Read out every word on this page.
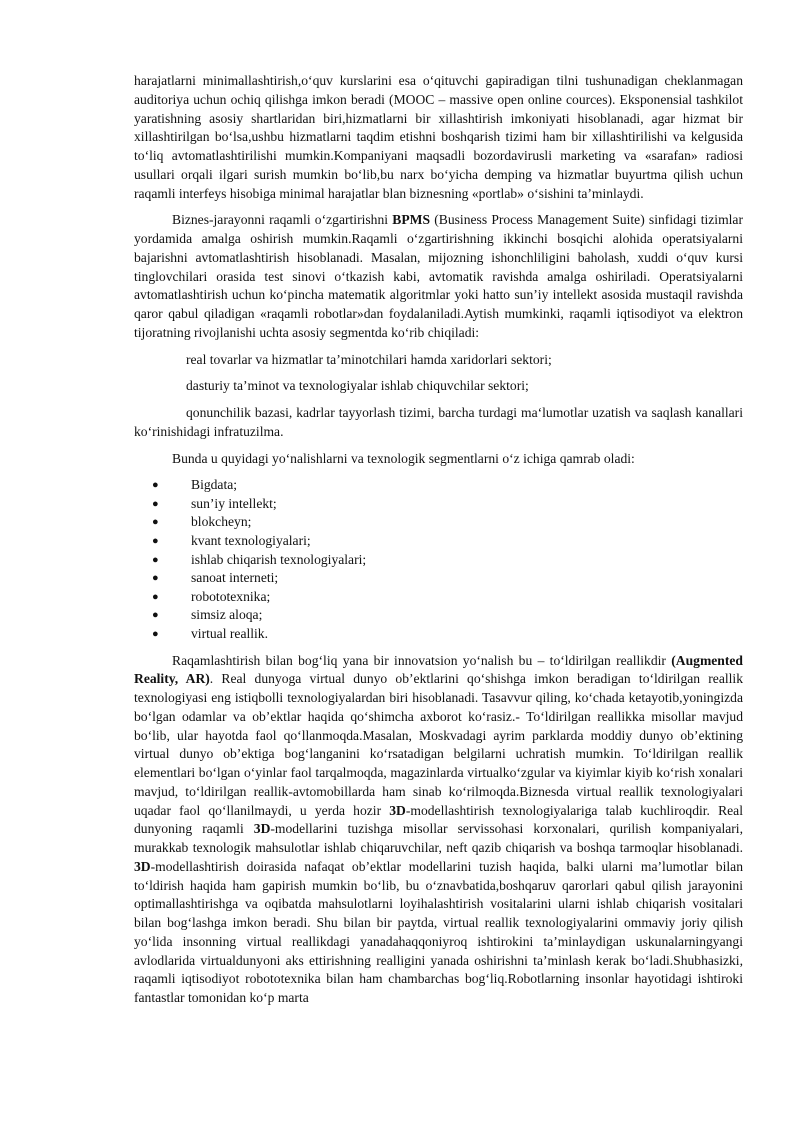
harajatlarni minimallashtirish,o‘quv kurslarini esa o‘qituvchi gapiradigan tilni tushunadigan cheklanmagan auditoriya uchun ochiq qilishga imkon beradi (MOOC – massive open online cources). Eksponensial tashkilot yaratishning asosiy shartlaridan biri,hizmatlarni bir xillashtirish imkoniyati hisoblanadi, agar hizmat bir xillashtirilgan bo‘lsa,ushbu hizmatlarni taqdim etishni boshqarish tizimi ham bir xillashtirilishi va kelgusida to‘liq avtomatlashtirilishi mumkin.Kompaniyani maqsadli bozordavirusli marketing va «sarafan» radiosi usullari orqali ilgari surish mumkin bo‘lib,bu narx bo‘yicha demping va hizmatlar buyurtma qilish uchun raqamli interfeys hisobiga minimal harajatlar blan biznesning «portlab» o‘sishini ta’minlaydi.

Biznes-jarayonni raqamli o‘zgartirishni BPMS (Business Process Management Suite) sinfidagi tizimlar yordamida amalga oshirish mumkin.Raqamli o‘zgartirishning ikkinchi bosqichi alohida operatsiyalarni bajarishni avtomatlashtirish hisoblanadi. Masalan, mijozning ishonchliligini baholash, xuddi o‘quv kursi tinglovchilari orasida test sinovi o‘tkazish kabi, avtomatik ravishda amalga oshiriladi. Operatsiyalarni avtomatlashtirish uchun ko‘pincha matematik algoritmlar yoki hatto sun’iy intellekt asosida mustaqil ravishda qaror qabul qiladigan «raqamli robotlar»dan foydalaniladi.Aytish mumkinki, raqamli iqtisodiyot va elektron tijoratning rivojlanishi uchta asosiy segmentda ko‘rib chiqiladi:

real tovarlar va hizmatlar ta’minotchilari hamda xaridorlari sektori;

dasturiy ta’minot va texnologiyalar ishlab chiquvchilar sektori;

qonunchilik bazasi, kadrlar tayyorlash tizimi, barcha turdagi maʻlumotlar uzatish va saqlash kanallari ko‘rinishidagi infratuzilma.

Bunda u quyidagi yo‘nalishlarni va texnologik segmentlarni o‘z ichiga qamrab oladi:

● Bigdata;
● sun’iy intellekt;
● blokcheyn;
● kvant texnologiyalari;
● ishlab chiqarish texnologiyalari;
● sanoat interneti;
● robototexnika;
● simsiz aloqa;
● virtual reallik.

Raqamlashtirish bilan bog‘liq yana bir innovatsion yo‘nalish bu – to‘ldirilgan reallikdir (Augmented Reality, AR). Real dunyoga virtual dunyo ob’ektlarini qo‘shishga imkon beradigan to‘ldirilgan reallik texnologiyasi eng istiqbolli texnologiyalardan biri hisoblanadi. Tasavvur qiling, ko‘chada ketayotib,yoningizda bo‘lgan odamlar va ob’ektlar haqida qo‘shimcha axborot ko‘rasiz.- To‘ldirilgan reallikka misollar mavjud bo‘lib, ular hayotda faol qo‘llanmoqda.Masalan, Moskvadagi ayrim parklarda moddiy dunyo ob’ektining virtual dunyo ob’ektiga bog‘langanini ko‘rsatadigan belgilarni uchratish mumkin. To‘ldirilgan reallik elementlari bo‘lgan o‘yinlar faol tarqalmoqda, magazinlarda virtualko‘zgular va kiyimlar kiyib ko‘rish xonalari mavjud, to‘ldirilgan reallik-avtomobillarda ham sinab ko‘rilmoqda.Biznesda virtual reallik texnologiyalari uqadar faol qo‘llanilmaydi, u yerda hozir 3D-modellashtirish texnologiyalariga talab kuchliroqdir. Real dunyoning raqamli 3D-modellarini tuzishga misollar servissohasi korxonalari, qurilish kompaniyalari, murakkab texnologik mahsulotlar ishlab chiqaruvchilar, neft qazib chiqarish va boshqa tarmoqlar hisoblanadi. 3D-modellashtirish doirasida nafaqat ob’ektlar modellarini tuzish haqida, balki ularni ma’lumotlar bilan to‘ldirish haqida ham gapirish mumkin bo‘lib, bu o‘znavbatida,boshqaruv qarorlari qabul qilish jarayonini optimallashtirishga va oqibatda mahsulotlarni loyihalashtirish vositalarini ularni ishlab chiqarish vositalari bilan bog‘lashga imkon beradi. Shu bilan bir paytda, virtual reallik texnologiyalarini ommaviy joriy qilish yo‘lida insonning virtual reallikdagi yanadahaqqoniyroq ishtirokini ta’minlaydigan uskunalarningyangi avlodlarida virtualdunyoni aks ettirishning realligini yanada oshirishni ta’minlash kerak bo‘ladi.Shubhasizki, raqamli iqtisodiyot robototexnika bilan ham chambarchas bog‘liq.Robotlarning insonlar hayotidagi ishtiroki fantastlar tomonidan ko‘p marta
